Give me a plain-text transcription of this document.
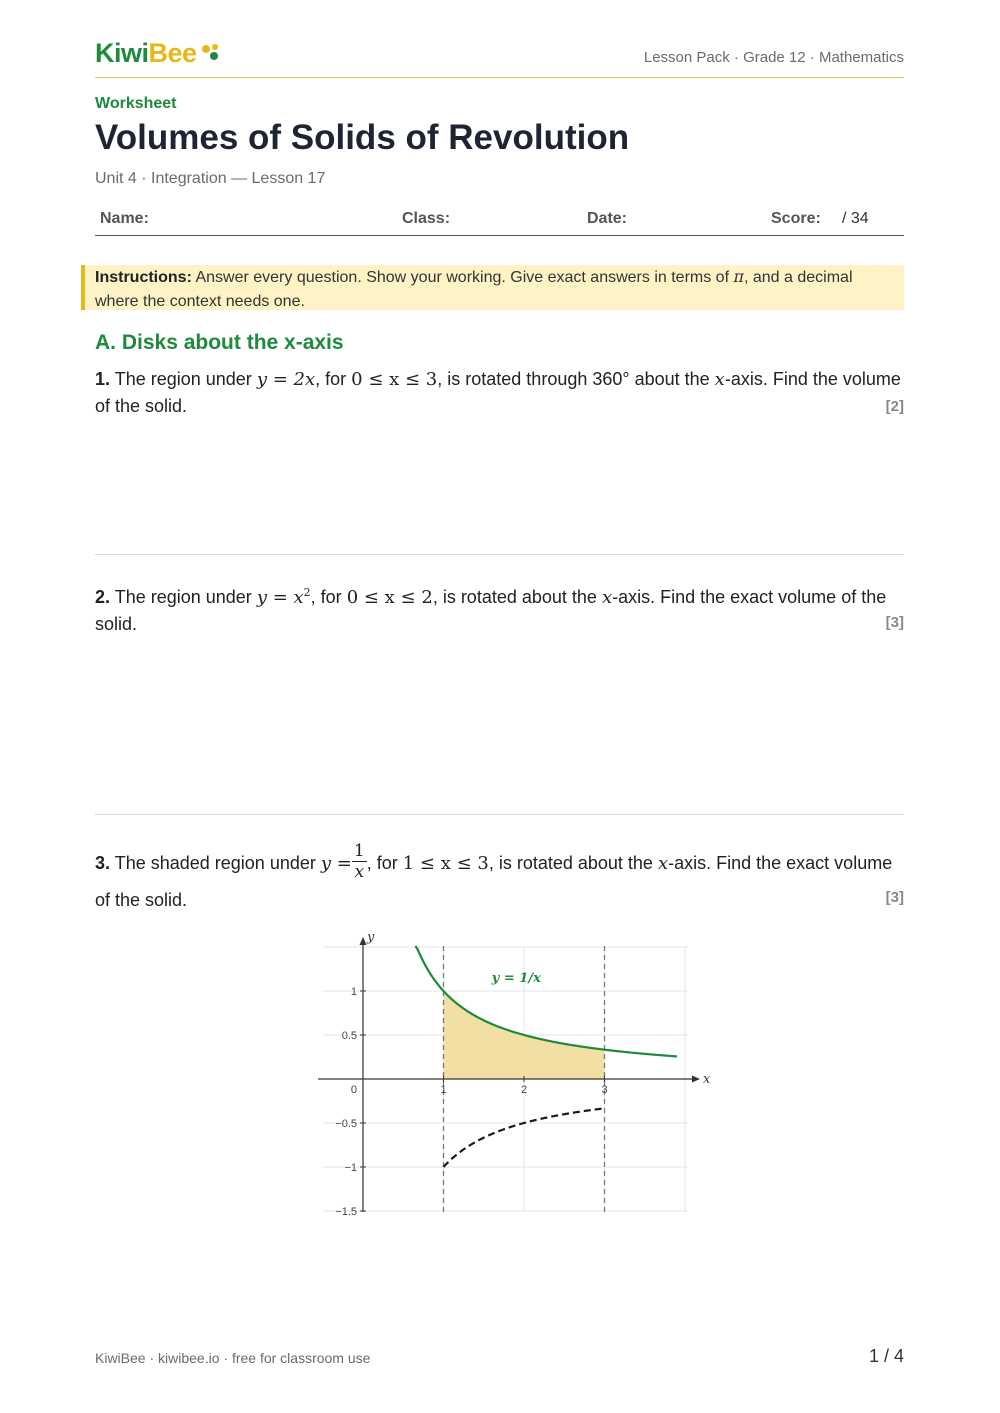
KiwiBee	Lesson Pack · Grade 12 · Mathematics
Worksheet
Volumes of Solids of Revolution
Unit 4 · Integration — Lesson 17
Name:	Class:	Date:	Score: / 34
Instructions: Answer every question. Show your working. Give exact answers in terms of π, and a decimal where the context needs one.
A. Disks about the x-axis
1. The region under y = 2x, for 0 ≤ x ≤ 3, is rotated through 360° about the x-axis. Find the volume of the solid.	[2]
2. The region under $y = x^2$, for 0 ≤ x ≤ 2, is rotated about the x-axis. Find the exact volume of the solid.	[3]
3. The shaded region under $y = \frac{1}{x}$ , for 1 ≤ x ≤ 3, is rotated about the x-axis. Find the exact volume of the solid.	[3]
x
y
1	2	3
1
0.5
0
−0.5
−1
−1.5
y = 1/x
KiwiBee · kiwibee.io · free for classroom use	1 / 4
